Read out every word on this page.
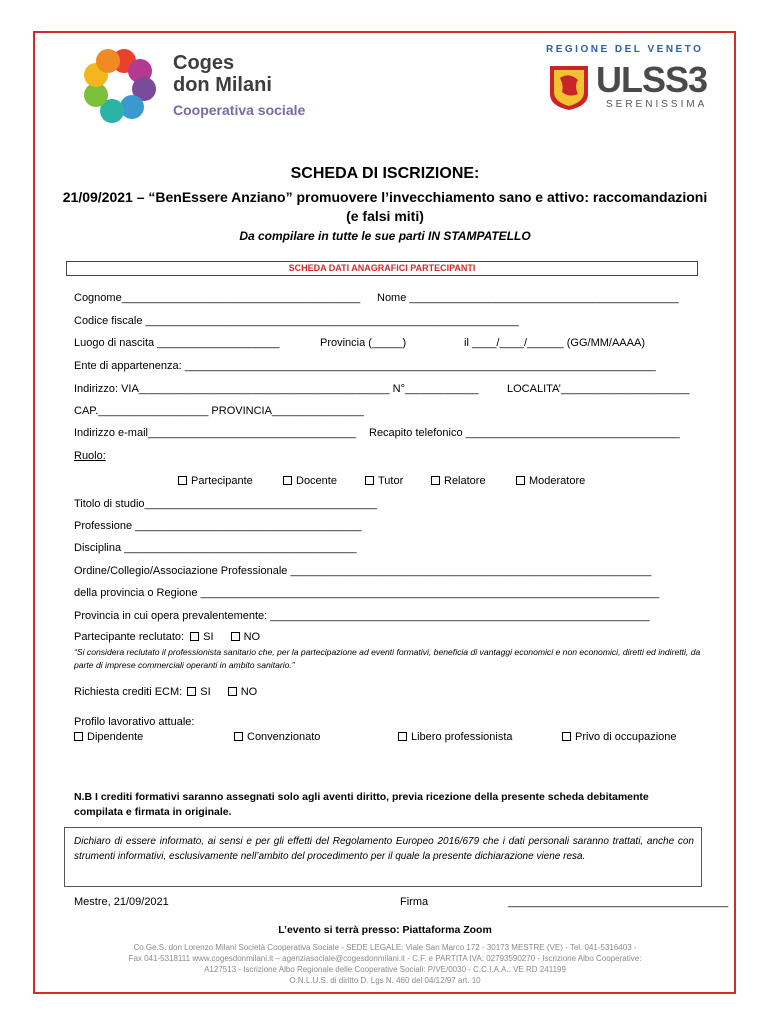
Coges
don Milani
Cooperativa sociale
REGIONE DEL VENETO
ULSS3
SERENISSIMA
SCHEDA DI ISCRIZIONE:
21/09/2021 – “BenEssere Anziano” promuovere l’invecchiamento sano e attivo: raccomandazioni (e falsi miti)
Da compilare in tutte le sue parti IN STAMPATELLO
SCHEDA DATI ANAGRAFICI PARTECIPANTI
Cognome_______________________________________ Nome ____________________________________________
Codice fiscale _____________________________________________________________
Luogo di nascita ____________________	Provincia (_____)	il ____/____/______ (GG/MM/AAAA)
Ente di appartenenza: _____________________________________________________________________________
Indirizzo: VIA_________________________________________ N°____________	LOCALITA’_____________________
CAP.__________________ PROVINCIA_______________
Indirizzo e-mail__________________________________ Recapito telefonico ___________________________________
Ruolo:
Partecipante	Docente	Tutor	Relatore	Moderatore
Titolo di studio______________________________________
Professione _____________________________________
Disciplina ______________________________________
Ordine/Collegio/Associazione Professionale ___________________________________________________________
della provincia o Regione ___________________________________________________________________________
Provincia in cui opera prevalentemente: ______________________________________________________________
Partecipante reclutato: SI	NO
“Si considera reclutato il professionista sanitario che, per la partecipazione ad eventi formativi, beneficia di vantaggi economici e non economici, diretti ed indiretti, da parte di imprese commerciali operanti in ambito sanitario.”
Richiesta crediti ECM: SI	NO
Profilo lavorativo attuale:
Dipendente	Convenzionato	Libero professionista	Privo di occupazione
N.B I crediti formativi saranno assegnati solo agli aventi diritto, previa ricezione della presente scheda debitamente compilata e firmata in originale.
Dichiaro di essere informato, ai sensi e per gli effetti del Regolamento Europeo 2016/679 che i dati personali saranno trattati, anche con strumenti informativi, esclusivamente nell’ambito del procedimento per il quale la presente dichiarazione viene resa.
Mestre, 21/09/2021	Firma	____________________________________
L’evento si terrà presso: Piattaforma Zoom
Co.Ge.S. don Lorenzo Milani Società Cooperativa Sociale - SEDE LEGALE: Viale San Marco 172 - 30173 MESTRE (VE) - Tel. 041-5316403 -
Fax 041-5318111 www.cogesdonmilani.it – agenziasociale@cogesdonmilani.it - C.F. e PARTITA IVA: 02793590270 - Iscrizione Albo Cooperative:
A127513 - Iscrizione Albo Regionale delle Cooperative Sociali: P/VE/0030 - C.C.I.A.A.: VE RD 241199
O.N.L.U.S. di diritto D. Lgs N. 460 del 04/12/97 art. 10
